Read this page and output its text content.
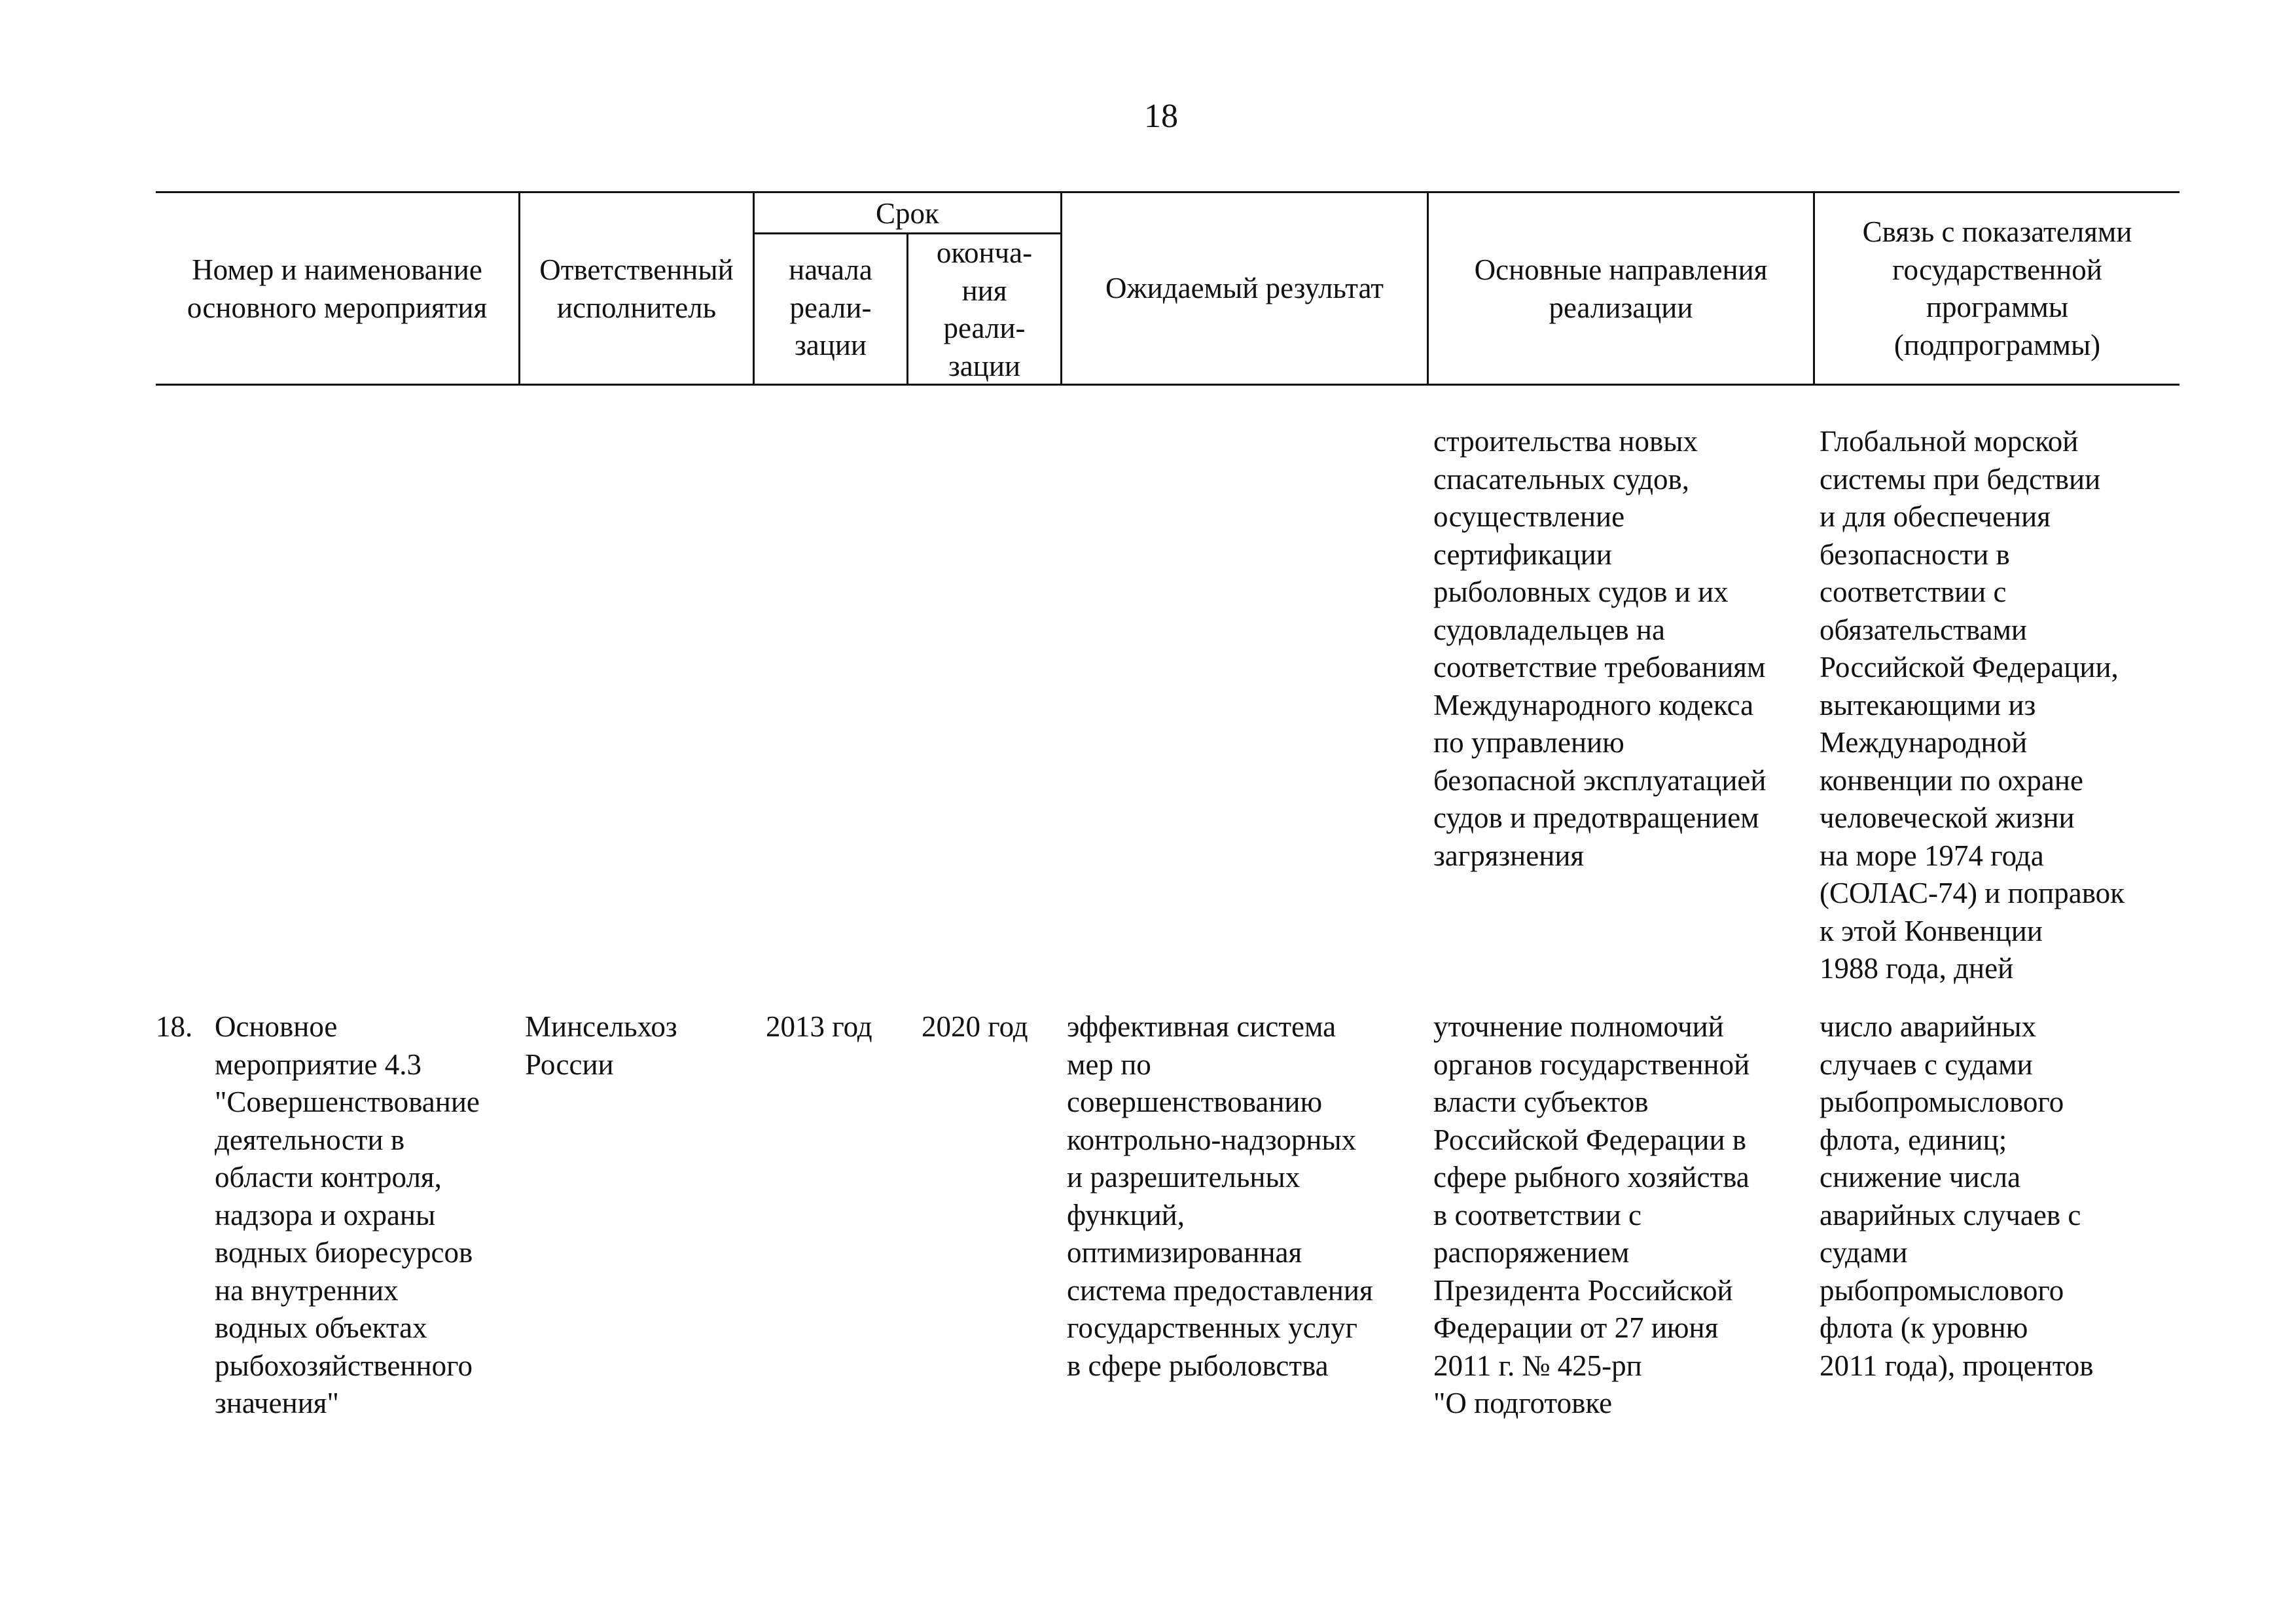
18
Номер и наименование
основного мероприятия
Ответственный
исполнитель
Срок
начала
реали-
зации
оконча-
ния
реали-
зации
Ожидаемый результат
Основные направления
реализации
Связь с показателями
государственной
программы
(подпрограммы)
строительства новых
спасательных судов,
осуществление
сертификации
рыболовных судов и их
судовладельцев на
соответствие требованиям
Международного кодекса
по управлению
безопасной эксплуатацией
судов и предотвращением
загрязнения
Глобальной морской
системы при бедствии
и для обеспечения
безопасности в
соответствии с
обязательствами
Российской Федерации,
вытекающими из
Международной
конвенции по охране
человеческой жизни
на море 1974 года
(СОЛАС-74) и поправок
к этой Конвенции
1988 года, дней
18. Основное
мероприятие 4.3
"Совершенствование
деятельности в
области контроля,
надзора и охраны
водных биоресурсов
на внутренних
водных объектах
рыбохозяйственного
значения"
Минсельхоз
России
2013 год	2020 год	эффективная система
мер по
совершенствованию
контрольно-надзорных
и разрешительных
функций,
оптимизированная
система предоставления
государственных услуг
в сфере рыболовства
уточнение полномочий
органов государственной
власти субъектов
Российской Федерации в
сфере рыбного хозяйства
в соответствии с
распоряжением
Президента Российской
Федерации от 27 июня
2011 г. № 425-рп
"О подготовке
число аварийных
случаев с судами
рыбопромыслового
флота, единиц;
снижение числа
аварийных случаев с
судами
рыбопромыслового
флота (к уровню
2011 года), процентов
